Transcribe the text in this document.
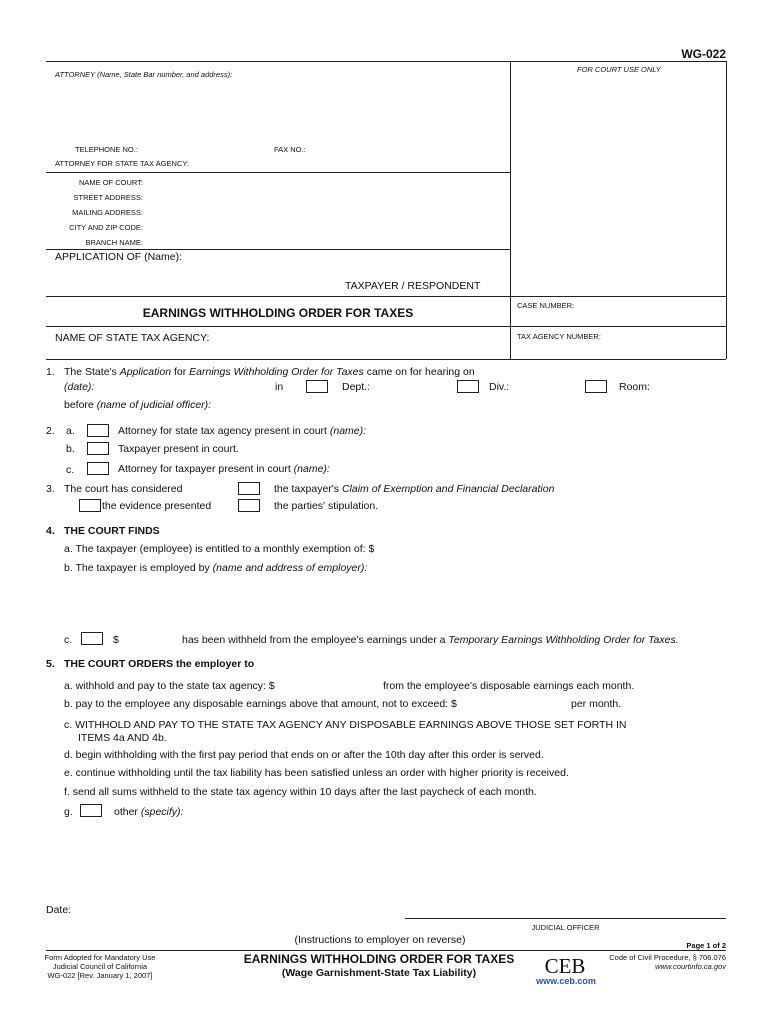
WG-022
ATTORNEY (Name, State Bar number, and address):
FOR COURT USE ONLY
TELEPHONE NO.:	FAX NO.:
ATTORNEY FOR STATE TAX AGENCY:
NAME OF COURT:
STREET ADDRESS:
MAILING ADDRESS:
CITY AND ZIP CODE:
BRANCH NAME:
APPLICATION OF (Name):
TAXPAYER / RESPONDENT
EARNINGS WITHHOLDING ORDER FOR TAXES
CASE NUMBER:
NAME OF STATE TAX AGENCY:	TAX AGENCY NUMBER:
1. The State's Application for Earnings Withholding Order for Taxes came on for hearing on
(date):	in	Dept.:	Div.:	Room:
before (name of judicial officer):
2. a.	Attorney for state tax agency present in court (name):
b.	Taxpayer present in court.
c.	Attorney for taxpayer present in court (name):
3. The court has considered	the taxpayer's Claim of Exemption and Financial Declaration
the evidence presented	the parties' stipulation.
4. THE COURT FINDS
a. The taxpayer (employee) is entitled to a monthly exemption of: $
b. The taxpayer is employed by (name and address of employer):
c.	$	has been withheld from the employee's earnings under a Temporary Earnings Withholding Order for Taxes.
5. THE COURT ORDERS the employer to
a. withhold and pay to the state tax agency: $	from the employee's disposable earnings each month.
b. pay to the employee any disposable earnings above that amount, not to exceed: $	per month.
c. WITHHOLD AND PAY TO THE STATE TAX AGENCY ANY DISPOSABLE EARNINGS ABOVE THOSE SET FORTH IN
ITEMS 4a AND 4b.
d. begin withholding with the first pay period that ends on or after the 10th day after this order is served.
e. continue withholding until the tax liability has been satisfied unless an order with higher priority is received.
f. send all sums withheld to the state tax agency within 10 days after the last paycheck of each month.
g.	other (specify):
Date:
JUDICIAL OFFICER
(Instructions to employer on reverse)	Page 1 of 2
Form Adopted for Mandatory Use
Judicial Council of California
WG-022 [Rev. January 1, 2007]
EARNINGS WITHHOLDING ORDER FOR TAXES
(Wage Garnishment-State Tax Liability)	CEB
www.ceb.com
Code of Civil Procedure, § 706.076
www.courtinfo.ca.gov
